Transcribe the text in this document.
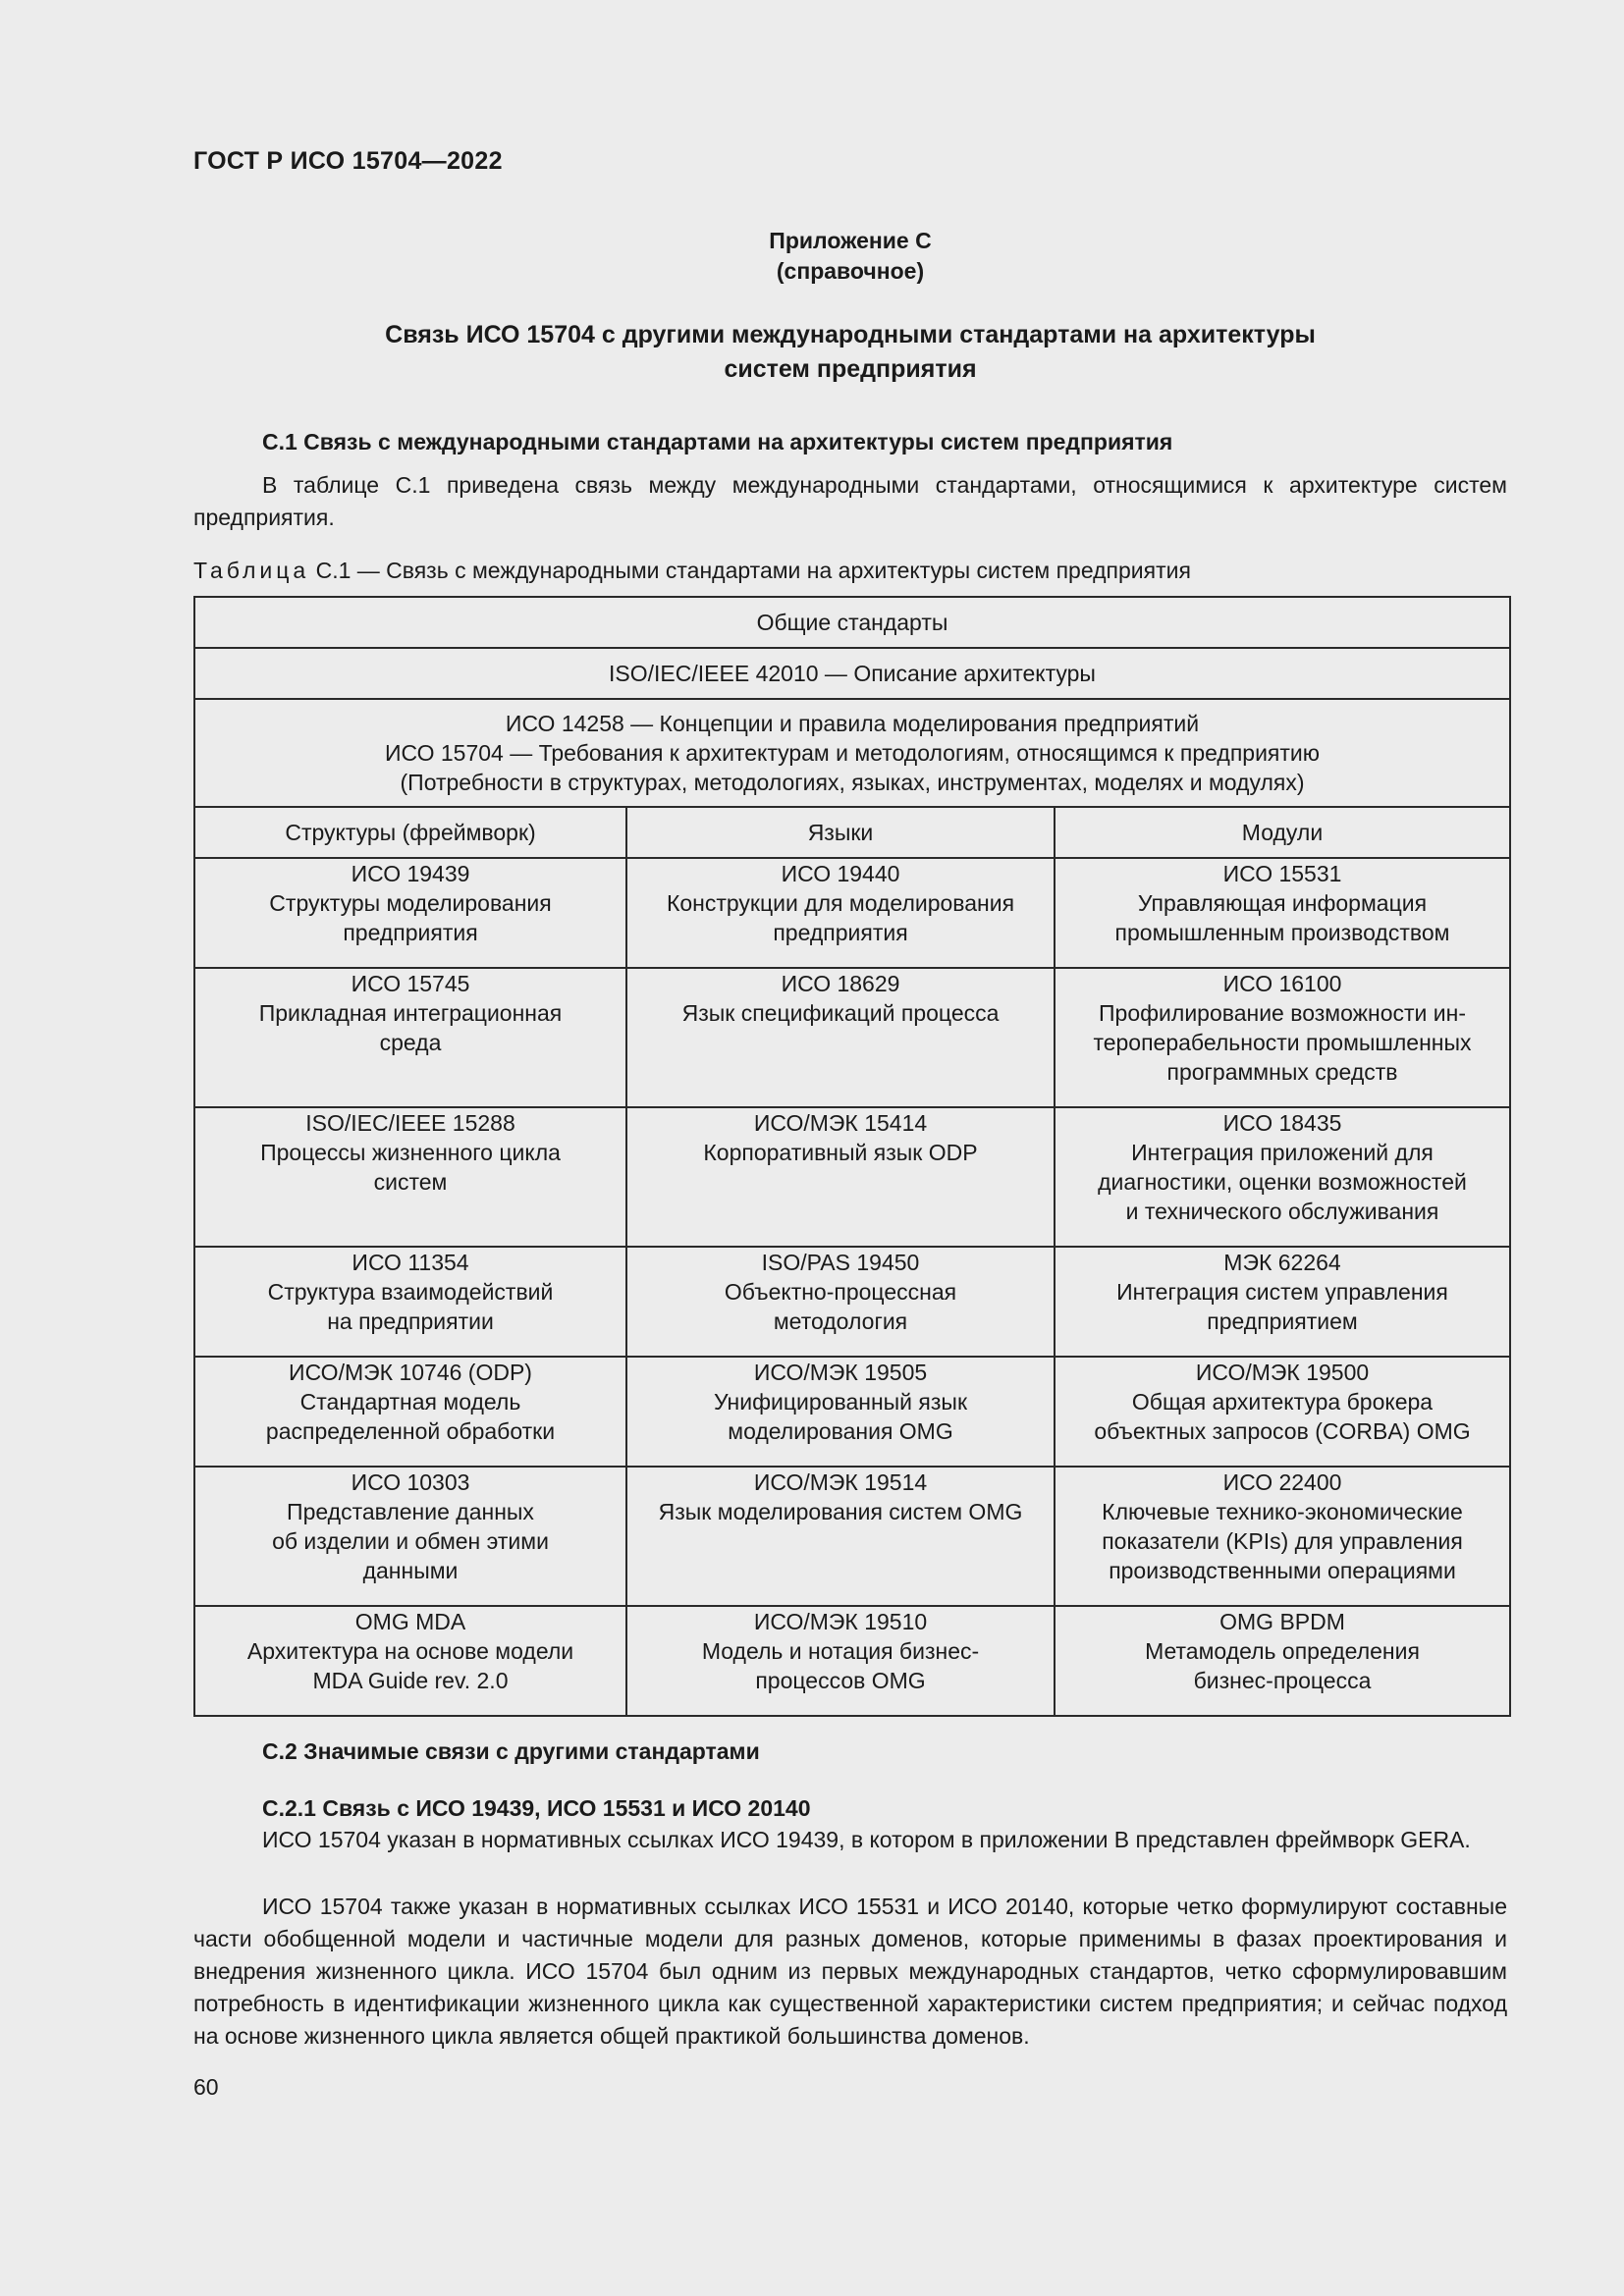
ГОСТ Р ИСО 15704—2022
Приложение С
(справочное)
Связь ИСО 15704 с другими международными стандартами на архитектуры
систем предприятия
С.1 Связь с международными стандартами на архитектуры систем предприятия

В таблице С.1 приведена связь между международными стандартами, относящимися к архитектуре систем предприятия.

Таблица С.1 — Связь с международными стандартами на архитектуры систем предприятия
Общие стандарты		
ISO/IEC/IEEE 42010 — Описание архитектуры		

ИСО 14258 — Концепции и правила моделирования предприятий
ИСО 15704 — Требования к архитектурам и методологиям, относящимся к предприятию
(Потребности в структурах, методологиях, языках, инструментах, моделях и модулях)		

Структуры (фреймворк)	Языки	Модули

ИСО 19439
Структуры моделирования
предприятия	ИСО 19440
Конструкции для моделирования
предприятия	ИСО 15531
Управляющая информация
промышленным производством

ИСО 15745
Прикладная интеграционная
среда	ИСО 18629
Язык спецификаций процесса	ИСО 16100
Профилирование возможности ин-
тероперабельности промышленных
программных средств

ISO/IEC/IEEE 15288
Процессы жизненного цикла
систем	ИСО/МЭК 15414
Корпоративный язык ODP	ИСО 18435
Интеграция приложений для
диагностики, оценки возможностей
и технического обслуживания

ИСО 11354
Структура взаимодействий
на предприятии	ISO/PAS 19450
Объектно-процессная
методология	МЭК 62264
Интеграция систем управления
предприятием

ИСО/МЭК 10746 (ODP)
Стандартная модель
распределенной обработки	ИСО/МЭК 19505
Унифицированный язык
моделирования OMG	ИСО/МЭК 19500
Общая архитектура брокера
объектных запросов (CORBA) OMG

ИСО 10303
Представление данных
об изделии и обмен этими
данными	ИСО/МЭК 19514
Язык моделирования систем OMG	ИСО 22400
Ключевые технико-экономические
показатели (KPIs) для управления
производственными операциями

OMG MDA
Архитектура на основе модели
MDA Guide rev. 2.0	ИСО/МЭК 19510
Модель и нотация бизнес-
процессов OMG	OMG BPDM
Метамодель определения
бизнес-процесса
С.2 Значимые связи с другими стандартами
С.2.1 Связь с ИСО 19439, ИСО 15531 и ИСО 20140

ИСО 15704 указан в нормативных ссылках ИСО 19439, в котором в приложении В представлен фреймворк GERA.

ИСО 15704 также указан в нормативных ссылках ИСО 15531 и ИСО 20140, которые четко формулируют составные части обобщенной модели и частичные модели для разных доменов, которые применимы в фазах проектирования и внедрения жизненного цикла. ИСО 15704 был одним из первых международных стандартов, четко сформулировавшим потребность в идентификации жизненного цикла как существенной характеристики систем предприятия; и сейчас подход на основе жизненного цикла является общей практикой большинства доменов.

60
